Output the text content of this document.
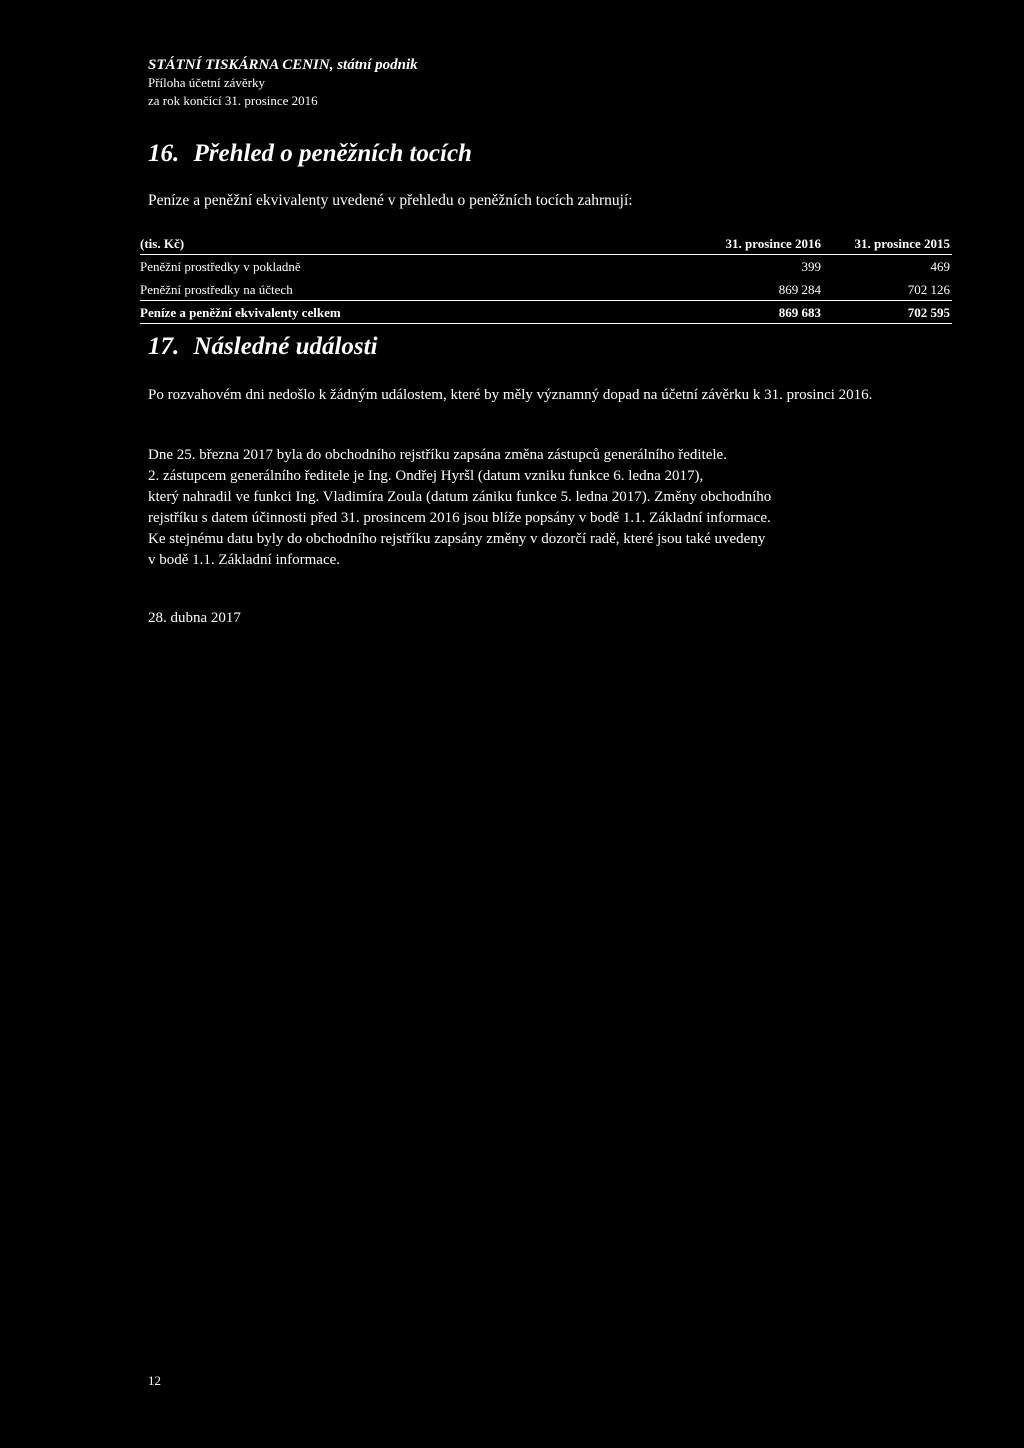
STÁTNÍ TISKÁRNA CENIN, státní podnik
Příloha účetní závěrky
za rok končící 31. prosince 2016
16. Přehled o peněžních tocích
Peníze a peněžní ekvivalenty uvedené v přehledu o peněžních tocích zahrnují:
(tis. Kč)	31. prosince 2016	31. prosince 2015
Peněžní prostředky v pokladně	399	469
Peněžní prostředky na účtech	869 284	702 126
Peníze a peněžní ekvivalenty celkem	869 683	702 595
17. Následné události
Po rozvahovém dni nedošlo k žádným událostem, které by měly významný dopad na účetní závěrku k 31. prosinci 2016.

Dne 25. března 2017 byla do obchodního rejstříku zapsána změna zástupců generálního ředitele.

2. zástupcem generálního ředitele je Ing. Ondřej Hyršl (datum vzniku funkce 6. ledna 2017),

který nahradil ve funkci Ing. Vladimíra Zoula (datum zániku funkce 5. ledna 2017). Změny obchodního

rejstříku s datem účinnosti před 31. prosincem 2016 jsou blíže popsány v bodě 1.1. Základní informace.

Ke stejnému datu byly do obchodního rejstříku zapsány změny v dozorčí radě, které jsou také uvedeny

v bodě 1.1. Základní informace.

28. dubna 2017
12
